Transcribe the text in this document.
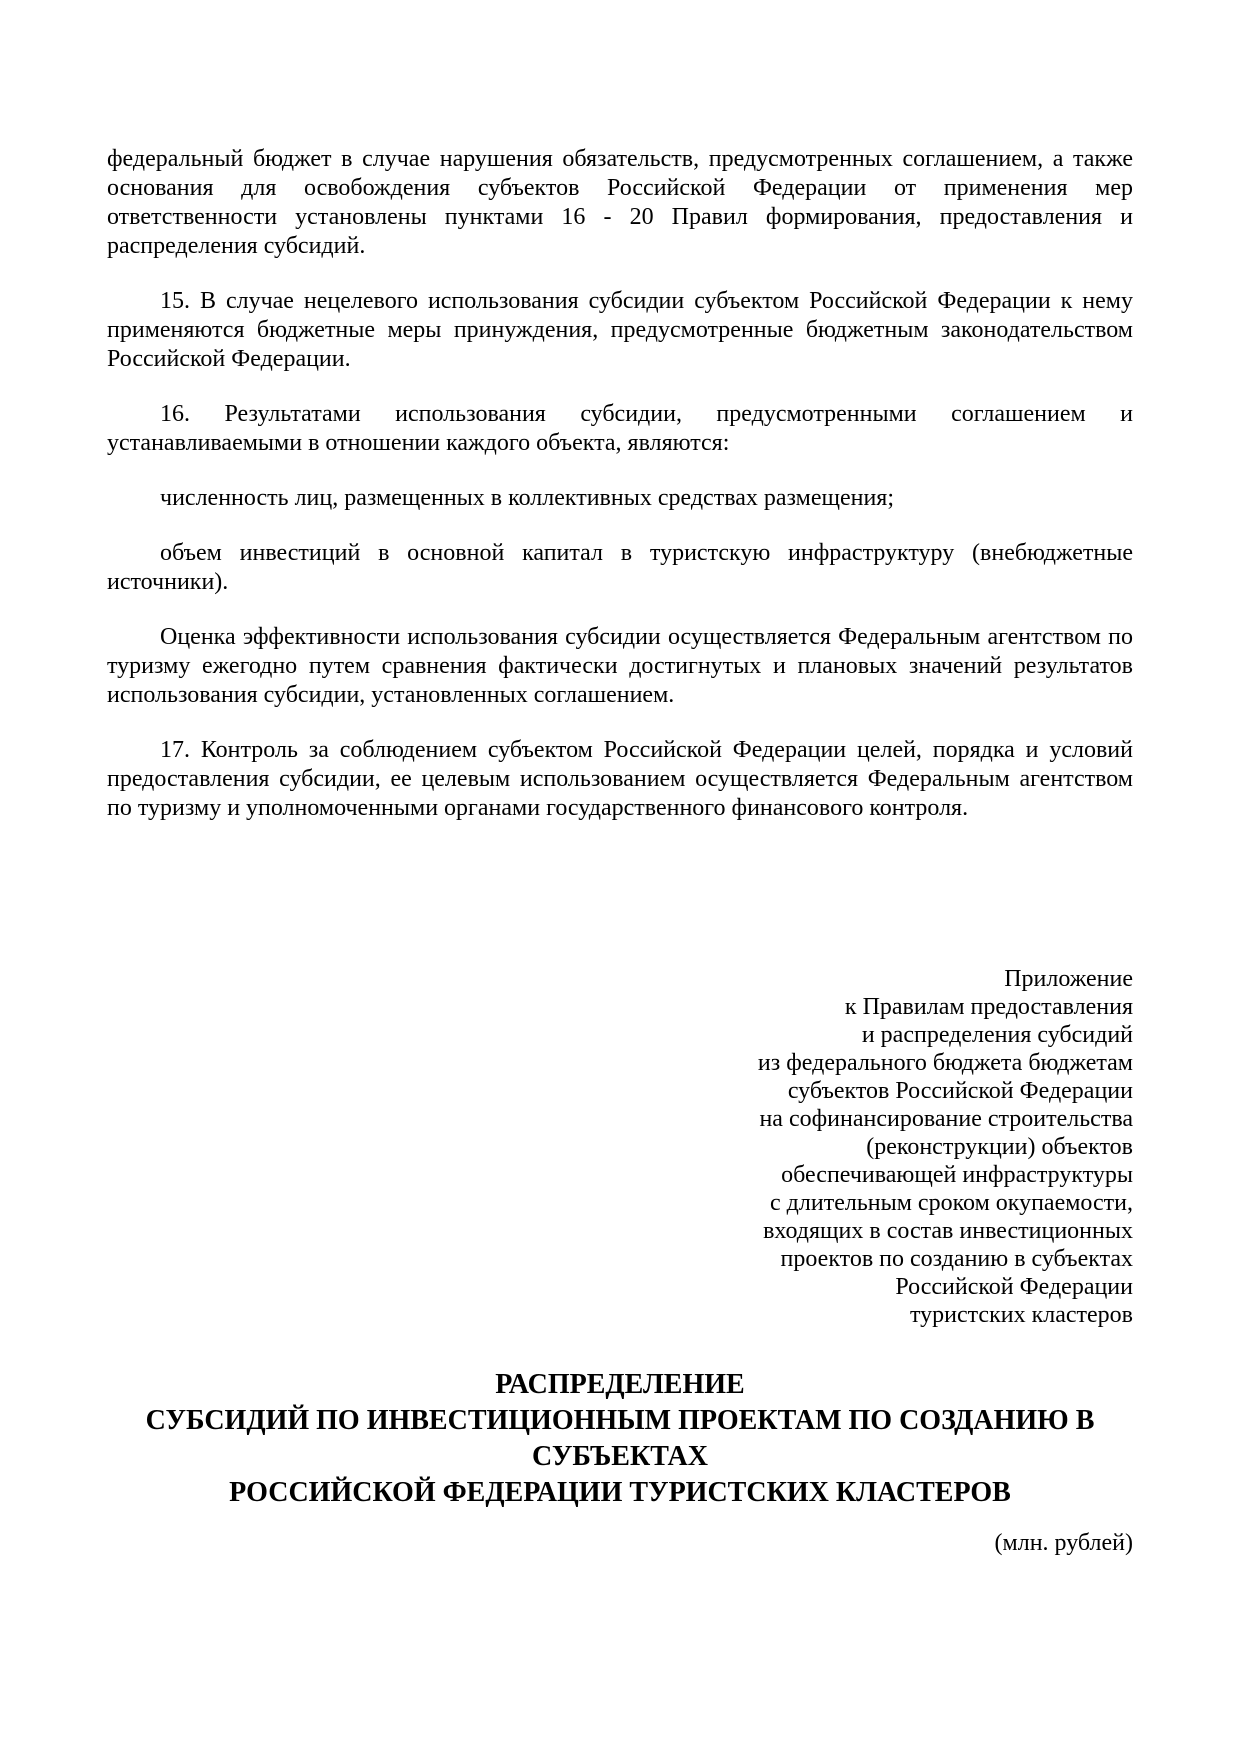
федеральный бюджет в случае нарушения обязательств, предусмотренных соглашением, а также основания для освобождения субъектов Российской Федерации от применения мер ответственности установлены пунктами 16 - 20 Правил формирования, предоставления и распределения субсидий.

15. В случае нецелевого использования субсидии субъектом Российской Федерации к нему применяются бюджетные меры принуждения, предусмотренные бюджетным законодательством Российской Федерации.

16. Результатами использования субсидии, предусмотренными соглашением и устанавливаемыми в отношении каждого объекта, являются:

численность лиц, размещенных в коллективных средствах размещения;

объем инвестиций в основной капитал в туристскую инфраструктуру (внебюджетные источники).

Оценка эффективности использования субсидии осуществляется Федеральным агентством по туризму ежегодно путем сравнения фактически достигнутых и плановых значений результатов использования субсидии, установленных соглашением.

17. Контроль за соблюдением субъектом Российской Федерации целей, порядка и условий предоставления субсидии, ее целевым использованием осуществляется Федеральным агентством по туризму и уполномоченными органами государственного финансового контроля.

Приложение
к Правилам предоставления
и распределения субсидий
из федерального бюджета бюджетам
субъектов Российской Федерации
на софинансирование строительства
(реконструкции) объектов
обеспечивающей инфраструктуры
с длительным сроком окупаемости,
входящих в состав инвестиционных
проектов по созданию в субъектах
Российской Федерации
туристских кластеров
РАСПРЕДЕЛЕНИЕ
СУБСИДИЙ ПО ИНВЕСТИЦИОННЫМ ПРОЕКТАМ ПО СОЗДАНИЮ В
СУБЪЕКТАХ
РОССИЙСКОЙ ФЕДЕРАЦИИ ТУРИСТСКИХ КЛАСТЕРОВ
(млн. рублей)
